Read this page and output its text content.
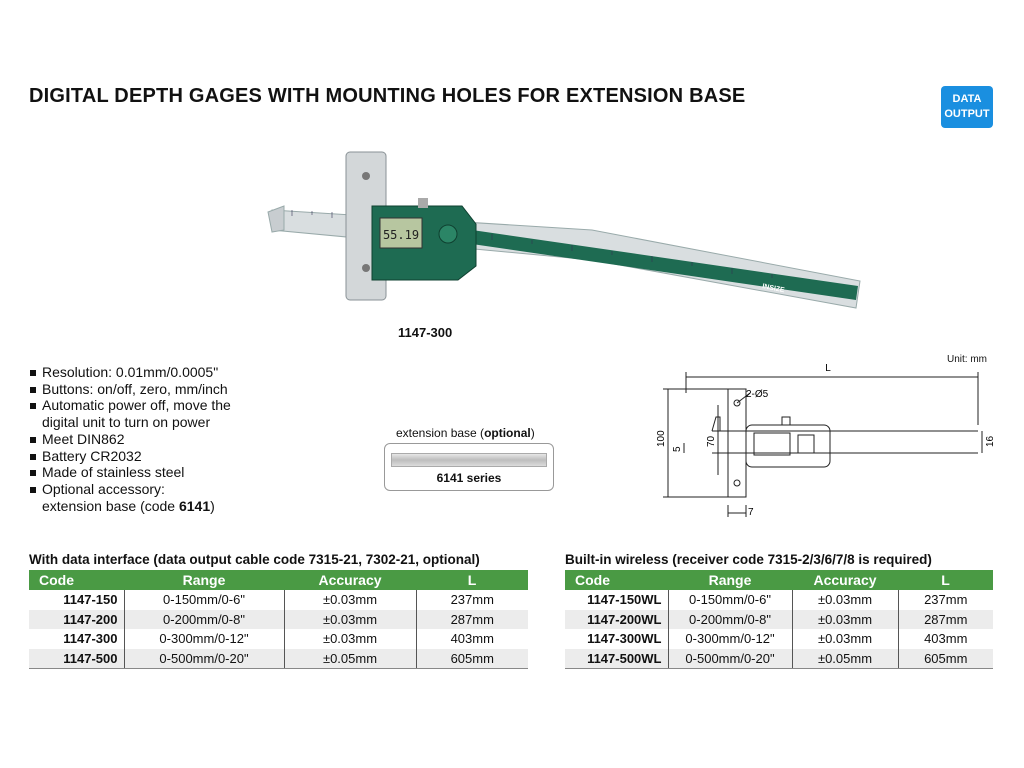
DIGITAL DEPTH GAGES WITH MOUNTING HOLES FOR EXTENSION BASE	DATA
OUTPUT
55.19
INSIZE
1147-300
Resolution: 0.01mm/0.0005"
Buttons: on/off, zero, mm/inch
Automatic power off, move the
digital unit to turn on power
Meet DIN862
Battery CR2032
Made of stainless steel
Optional accessory:
extension base (code 6141)
extension base (optional)
6141 series
Unit: mm
L
2-Ø5
100
5
70	16
7
With data interface (data output cable code 7315-21, 7302-21, optional)
Code	Range	Accuracy	L
1147-150	0-150mm/0-6"	±0.03mm	237mm
1147-200	0-200mm/0-8"	±0.03mm	287mm
1147-300	0-300mm/0-12"	±0.03mm	403mm
1147-500	0-500mm/0-20"	±0.05mm	605mm
Built-in wireless (receiver code 7315-2/3/6/7/8 is required)
Code	Range	Accuracy	L
1147-150WL	0-150mm/0-6"	±0.03mm	237mm
1147-200WL	0-200mm/0-8"	±0.03mm	287mm
1147-300WL	0-300mm/0-12"	±0.03mm	403mm
1147-500WL	0-500mm/0-20"	±0.05mm	605mm
